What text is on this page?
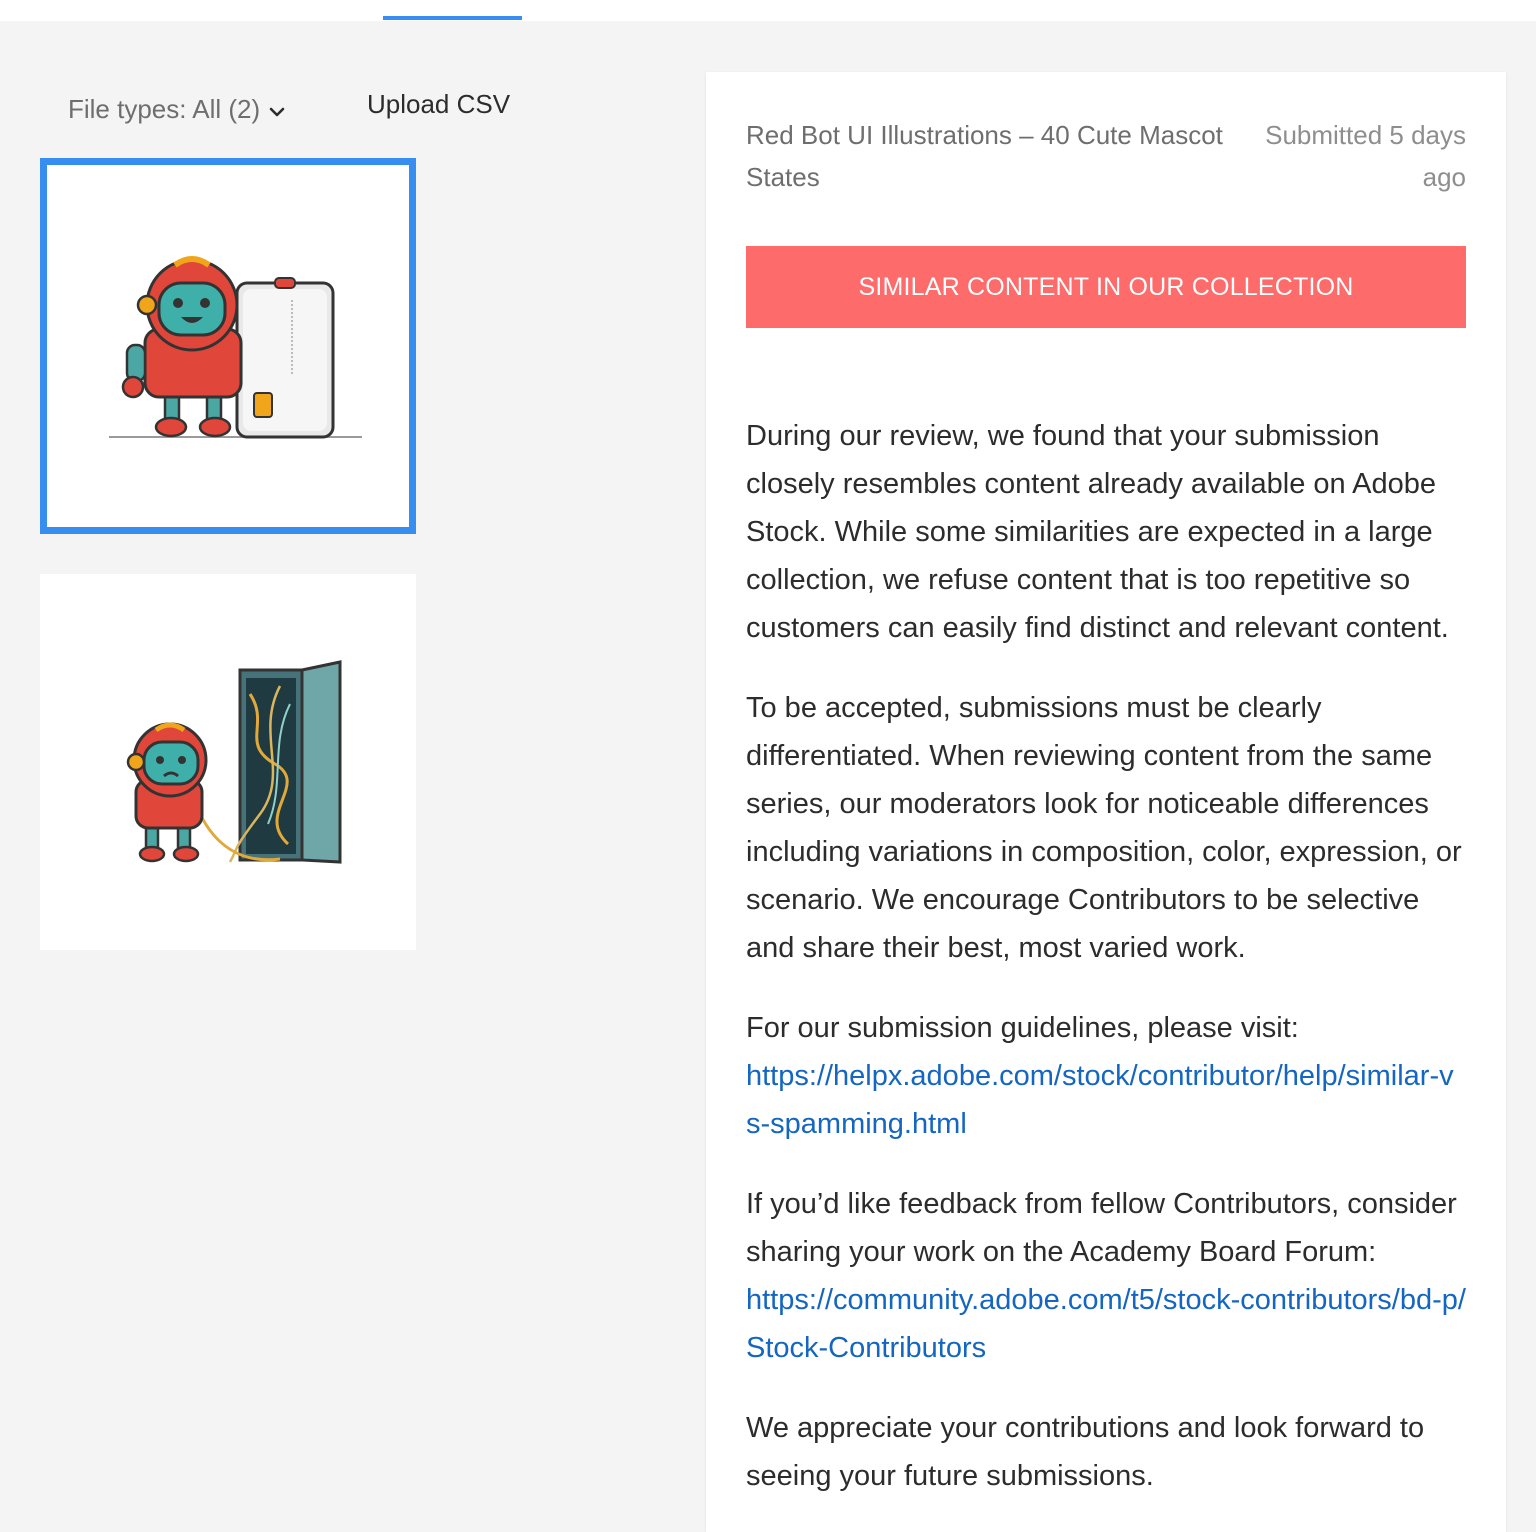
File types: All (2)	Upload CSV
Red Bot UI Illustrations – 40 Cute Mascot States
Submitted 5 days ago
SIMILAR CONTENT IN OUR COLLECTION

During our review, we found that your submission closely resembles content already available on Adobe Stock. While some similarities are expected in a large collection, we refuse content that is too repetitive so customers can easily find distinct and relevant content.

To be accepted, submissions must be clearly differentiated. When reviewing content from the same series, our moderators look for noticeable differences including variations in composition, color, expression, or scenario. We encourage Contributors to be selective and share their best, most varied work.

For our submission guidelines, please visit:
https://helpx.adobe.com/stock/contributor/help/similar-vs-spamming.html

If you’d like feedback from fellow Contributors, consider sharing your work on the Academy Board Forum:
https://community.adobe.com/t5/stock-contributors/bd-p/Stock-Contributors

We appreciate your contributions and look forward to seeing your future submissions.
